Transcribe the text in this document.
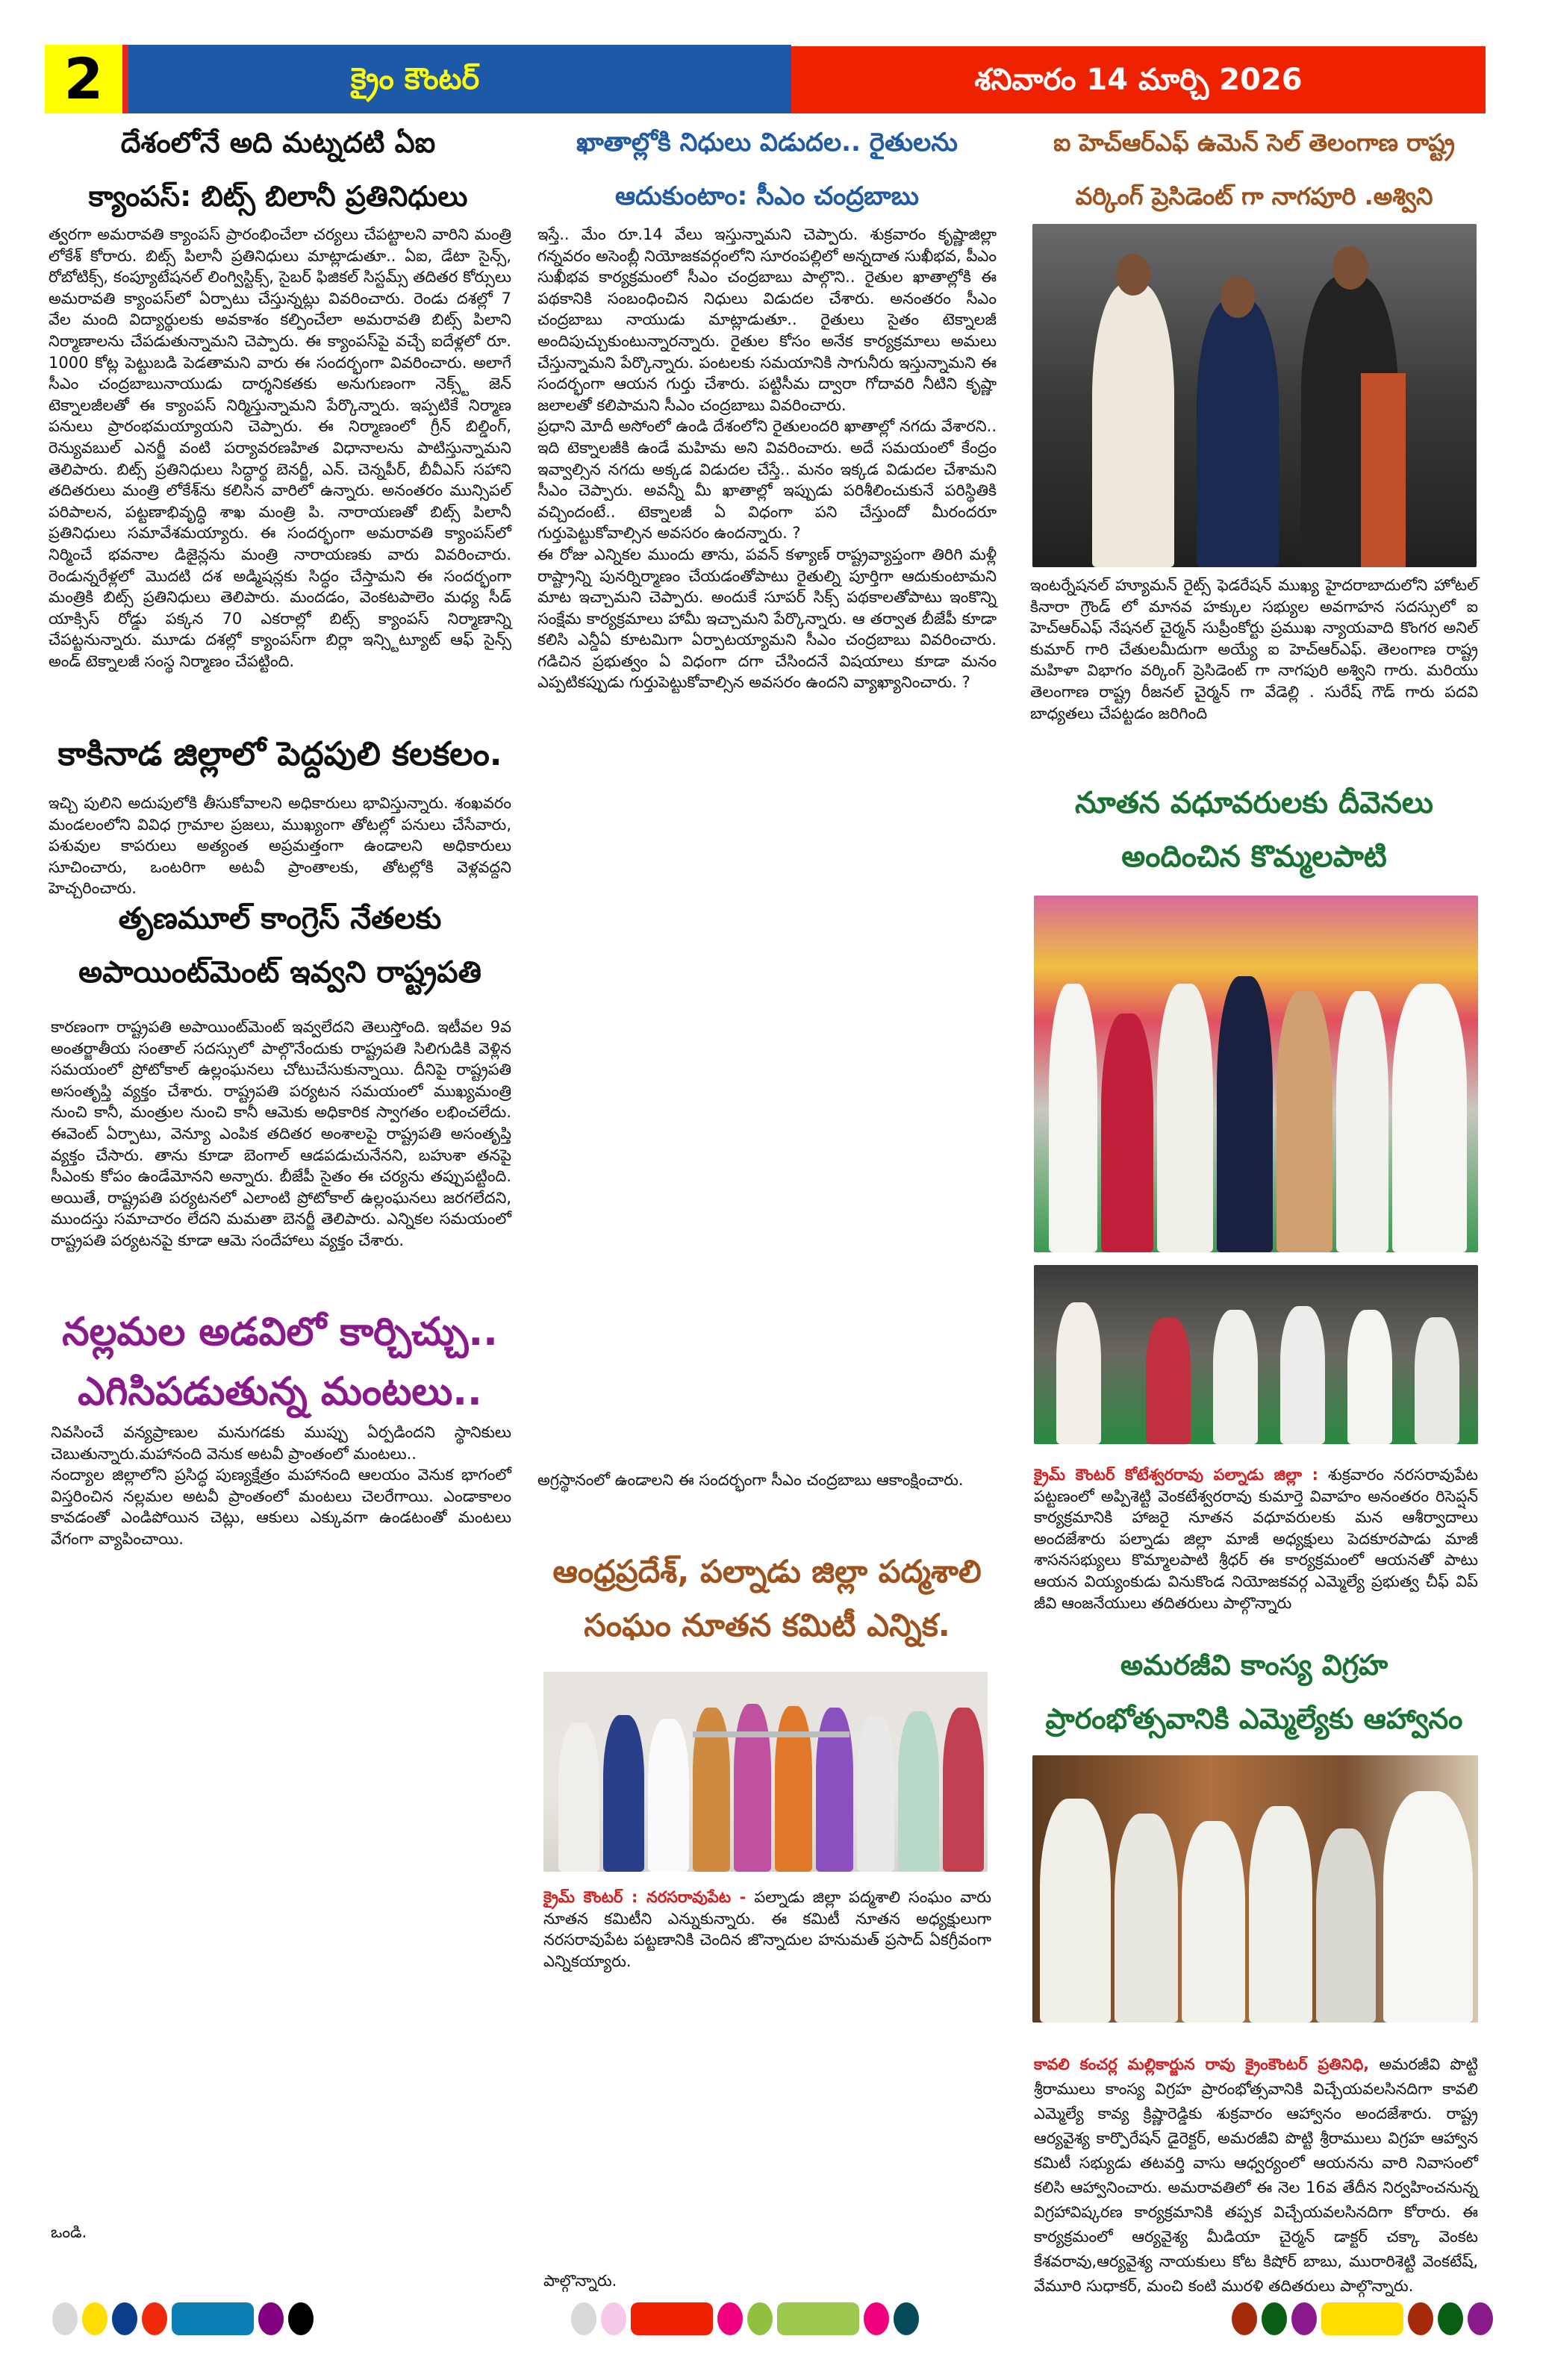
2	క్రైం కౌంటర్	శనివారం 14 మార్చి 2026
దేశంలోనే అది మట్నదటి ఏఐ
క్యాంపస్: బిట్స్ బిలానీ ప్రతినిధులు

త్వరగా అమరావతి క్యాంపస్ ప్రారంభించేలా చర్యలు చేపట్టాలని వారిని మంత్రి లోకేశ్ కోరారు. బిట్స్ పిలానీ ప్రతినిధులు మాట్లాడుతూ.. ఏఐ, డేటా సైన్స్, రోబోటిక్స్, కంప్యూటేషనల్ లింగ్విస్టిక్స్, సైబర్ ఫిజికల్ సిస్టమ్స్ తదితర కోర్సులు అమరావతి క్యాంపస్‌లో ఏర్పాటు చేస్తున్నట్లు వివరించారు. రెండు దశల్లో 7 వేల మంది విద్యార్థులకు అవకాశం కల్పించేలా అమరావతి బిట్స్ పిలాని నిర్మాణాలను చేపడుతున్నామని చెప్పారు. ఈ క్యాంపస్‌పై వచ్చే ఐదేళ్లలో రూ. 1000 కోట్ల పెట్టుబడి పెడతామని వారు ఈ సందర్భంగా వివరించారు. అలాగే సీఎం చంద్రబాబునాయుడు దార్శనికతకు అనుగుణంగా నెక్స్ట్ జెన్ టెక్నాలజీలతో ఈ క్యాంపస్ నిర్మిస్తున్నామని పేర్కొన్నారు. ఇప్పటికే నిర్మాణ పనులు ప్రారంభమయ్యాయని చెప్పారు. ఈ నిర్మాణంలో గ్రీన్ బిల్డింగ్, రెన్యువబుల్ ఎనర్జీ వంటి పర్యావరణహిత విధానాలను పాటిస్తున్నామని తెలిపారు. బిట్స్ ప్రతినిధులు సిద్ధార్థ బెనర్జీ, ఎన్. చెన్నపీర్, బీవీఎస్ సహాని తదితరులు మంత్రి లోకేశ్‌ను కలిసిన వారిలో ఉన్నారు. అనంతరం మున్సిపల్ పరిపాలన, పట్టణాభివృద్ధి శాఖ మంత్రి పి. నారాయణతో బిట్స్ పిలానీ ప్రతినిధులు సమావేశమయ్యారు. ఈ సందర్భంగా అమరావతి క్యాంపస్‌లో నిర్మించే భవనాల డిజైన్లను మంత్రి నారాయణకు వారు వివరించారు. రెండున్నరేళ్లలో మొదటి దశ అడ్మిషన్లకు సిద్ధం చేస్తామని ఈ సందర్భంగా మంత్రికి బిట్స్ ప్రతినిధులు తెలిపారు. మందడం, వెంకటపాలెం మధ్య సీడ్ యాక్సిస్ రోడ్డు పక్కన 70 ఎకరాల్లో బిట్స్ క్యాంపస్ నిర్మాణాన్ని చేపట్టనున్నారు. మూడు దశల్లో క్యాంపస్‌గా బిర్లా ఇన్స్టిట్యూట్ ఆఫ్ సైన్స్ అండ్ టెక్నాలజీ సంస్థ నిర్మాణం చేపట్టింది.

కాకినాడ జిల్లాలో పెద్దపులి కలకలం.

ఇచ్చి పులిని అదుపులోకి తీసుకోవాలని అధికారులు భావిస్తున్నారు. శంఖవరం మండలంలోని వివిధ గ్రామాల ప్రజలు, ముఖ్యంగా తోటల్లో పనులు చేసేవారు, పశువుల కాపరులు అత్యంత అప్రమత్తంగా ఉండాలని అధికారులు సూచించారు, ఒంటరిగా అటవీ ప్రాంతాలకు, తోటల్లోకి వెళ్లవద్దని హెచ్చరించారు.

తృణమూల్ కాంగ్రెస్ నేతలకు
అపాయింట్‌మెంట్ ఇవ్వని రాష్ట్రపతి

కారణంగా రాష్ట్రపతి అపాయింట్‌మెంట్ ఇవ్వలేదని తెలుస్తోంది. ఇటీవల 9వ అంతర్జాతీయ సంతాల్ సదస్సులో పాల్గొనేందుకు రాష్ట్రపతి సిలిగుడికి వెళ్లిన సమయంలో ప్రోటోకాల్ ఉల్లంఘనలు చోటుచేసుకున్నాయి. దీనిపై రాష్ట్రపతి అసంతృప్తి వ్యక్తం చేశారు. రాష్ట్రపతి పర్యటన సమయంలో ముఖ్యమంత్రి నుంచి కానీ, మంత్రుల నుంచి కానీ ఆమెకు అధికారిక స్వాగతం లభించలేదు. ఈవెంట్ ఏర్పాటు, వెన్యూ ఎంపిక తదితర అంశాలపై రాష్ట్రపతి అసంతృప్తి వ్యక్తం చేసారు. తాను కూడా బెంగాల్ ఆడపడుచునేనని, బహుశా తనపై సీఎంకు కోపం ఉండేమోనని అన్నారు. బీజేపీ సైతం ఈ చర్యను తప్పుపట్టింది. అయితే, రాష్ట్రపతి పర్యటనలో ఎలాంటి ప్రోటోకాల్ ఉల్లంఘనలు జరగలేదని, ముందస్తు సమాచారం లేదని మమతా బెనర్జీ తెలిపారు. ఎన్నికల సమయంలో రాష్ట్రపతి పర్యటనపై కూడా ఆమె సందేహాలు వ్యక్తం చేశారు.

నల్లమల అడవిలో కార్చిచ్చు..
ఎగిసిపడుతున్న మంటలు..

నివసించే వన్యప్రాణుల మనుగడకు ముప్పు ఏర్పడిందని స్థానికులు చెబుతున్నారు.మహానంది వెనుక అటవీ ప్రాంతంలో మంటలు..

నంద్యాల జిల్లాలోని ప్రసిద్ధ పుణ్యక్షేత్రం మహానంది ఆలయం వెనుక భాగంలో విస్తరించిన నల్లమల అటవీ ప్రాంతంలో మంటలు చెలరేగాయి. ఎండాకాలం కావడంతో ఎండిపోయిన చెట్లు, ఆకులు ఎక్కువగా ఉండటంతో మంటలు వేగంగా వ్యాపించాయి.

ఒండి.

ఖాతాల్లోకి నిధులు విడుదల.. రైతులను
ఆదుకుంటాం: సీఎం చంద్రబాబు

ఇస్తే.. మేం రూ.14 వేలు ఇస్తున్నామని చెప్పారు. శుక్రవారం కృష్ణాజిల్లా గన్నవరం అసెంబ్లీ నియోజకవర్గంలోని సూరంపల్లిలో అన్నదాత సుఖీభవ, పీఎం సుఖీభవ కార్యక్రమంలో సీఎం చంద్రబాబు పాల్గొని.. రైతుల ఖాతాల్లోకి ఈ పథకానికి సంబంధించిన నిధులు విడుదల చేశారు. అనంతరం సీఎం చంద్రబాబు నాయుడు మాట్లాడుతూ.. రైతులు సైతం టెక్నాలజీ అందిపుచ్చుకుంటున్నారన్నారు. రైతుల కోసం అనేక కార్యక్రమాలు అమలు చేస్తున్నామని పేర్కొన్నారు. పంటలకు సమయానికి సాగునీరు ఇస్తున్నామని ఈ సందర్భంగా ఆయన గుర్తు చేశారు. పట్టిసీమ ద్వారా గోదావరి నీటిని కృష్ణా జలాలతో కలిపామని సీఎం చంద్రబాబు వివరించారు.

ప్రధాని మోదీ అసోంలో ఉండి దేశంలోని రైతులందరి ఖాతాల్లో నగదు వేశారని.. ఇది టెక్నాలజీకి ఉండే మహిమ అని వివరించారు. అదే సమయంలో కేంద్రం ఇవ్వాల్సిన నగదు అక్కడ విడుదల చేస్తే.. మనం ఇక్కడ విడుదల చేశామని సీఎం చెప్పారు. అవన్నీ మీ ఖాతాల్లో ఇప్పుడు పరిశీలించుకునే పరిస్థితికి వచ్చిందంటే.. టెక్నాలజీ ఏ విధంగా పని చేస్తుందో మీరందరూ గుర్తుపెట్టుకోవాల్సిన అవసరం ఉందన్నారు. ?

ఈ రోజు ఎన్నికల ముందు తాను, పవన్ కళ్యాణ్ రాష్ట్రవ్యాప్తంగా తిరిగి మళ్లీ రాష్ట్రాన్ని పునర్నిర్మాణం చేయడంతోపాటు రైతుల్ని పూర్తిగా ఆదుకుంటామని మాట ఇచ్చామని చెప్పారు. అందుకే సూపర్ సిక్స్ పథకాలతోపాటు ఇంకొన్ని సంక్షేమ కార్యక్రమాలు హామీ ఇచ్చామని పేర్కొన్నారు. ఆ తర్వాత బీజేపీ కూడా కలిసి ఎన్డీఏ కూటమిగా ఏర్పాటయ్యామని సీఎం చంద్రబాబు వివరించారు. గడిచిన ప్రభుత్వం ఏ విధంగా దగా చేసిందనే విషయాలు కూడా మనం ఎప్పటికప్పుడు గుర్తుపెట్టుకోవాల్సిన అవసరం ఉందని వ్యాఖ్యానించారు. ?

అగ్రస్థానంలో ఉండాలని ఈ సందర్భంగా సీఎం చంద్రబాబు ఆకాంక్షించారు.

ఆంధ్రప్రదేశ్, పల్నాడు జిల్లా పద్మశాలి
సంఘం నూతన కమిటీ ఎన్నిక.

క్రైమ్ కౌంటర్ : నరసరావుపేట - పల్నాడు జిల్లా పద్మశాలి సంఘం వారు నూతన కమిటీని ఎన్నుకున్నారు. ఈ కమిటీ నూతన అధ్యక్షులుగా నరసరావుపేట పట్టణానికి చెందిన జొన్నాదుల హనుమత్ ప్రసాద్ ఏకగ్రీవంగా ఎన్నికయ్యారు.

పాల్గొన్నారు.

ఐ హెచ్‌ఆర్‌ఎఫ్ ఉమెన్ సెల్ తెలంగాణ రాష్ట్ర
వర్కింగ్ ప్రెసిడెంట్ గా నాగపూరి .అశ్విని

ఇంటర్నేషనల్ హ్యూమన్ రైట్స్ ఫెడరేషన్ ముఖ్య హైదరాబాదులోని హోటల్ కినారా గ్రౌండ్ లో మానవ హక్కుల సభ్యుల అవగాహన సదస్సులో ఐ హెచ్‌ఆర్‌ఎఫ్ నేషనల్ చైర్మన్ సుప్రీంకోర్టు ప్రముఖ న్యాయవాది కొంగర అనిల్ కుమార్ గారి చేతులమీదుగా అయ్యే ఐ హెచ్‌ఆర్‌ఎఫ్. తెలంగాణ రాష్ట్ర మహిళా విభాగం వర్కింగ్ ప్రెసిడెంట్ గా నాగపురి అశ్విని గారు. మరియు తెలంగాణ రాష్ట్ర రీజనల్ చైర్మన్ గా వేడెల్లి . సురేష్ గౌడ్ గారు పదవి బాధ్యతలు చేపట్టడం జరిగింది

నూతన వధూవరులకు దీవెనలు
అందించిన కొమ్మలపాటి

క్రైమ్ కౌంటర్ కోటేశ్వరరావు పల్నాడు జిల్లా : శుక్రవారం నరసరావుపేట పట్టణంలో అప్పిశెట్టి వెంకటేశ్వరరావు కుమార్తె వివాహం అనంతరం రిసెప్షన్ కార్యక్రమానికి హాజరై నూతన వధూవరులకు మన ఆశీర్వాదాలు అందజేశారు పల్నాడు జిల్లా మాజీ అధ్యక్షులు పెదకూరపాడు మాజీ శాసనసభ్యులు కొమ్మాలపాటి శ్రీధర్ ఈ కార్యక్రమంలో ఆయనతో పాటు ఆయన వియ్యంకుడు వినుకొండ నియోజకవర్గ ఎమ్మెల్యే ప్రభుత్వ చీఫ్ విప్ జీవి ఆంజనేయులు తదితరులు పాల్గొన్నారు

అమరజీవి కాంస్య విగ్రహ
ప్రారంభోత్సవానికి ఎమ్మెల్యేకు ఆహ్వానం

కావలి కంచర్ల మల్లికార్జున రావు క్రైంకౌంటర్ ప్రతినిధి, అమరజీవి పొట్టి శ్రీరాములు కాంస్య విగ్రహ ప్రారంభోత్సవానికి విచ్చేయవలసినదిగా కావలి ఎమ్మెల్యే కావ్య క్రిష్ణారెడ్డికు శుక్రవారం ఆహ్వానం అందజేశారు. రాష్ట్ర ఆర్యవైశ్య కార్పొరేషన్ డైరెక్టర్, అమరజీవి పొట్టి శ్రీరాములు విగ్రహ ఆహ్వాన కమిటీ సభ్యుడు తటవర్తి వాసు ఆధ్వర్యంలో ఆయనను వారి నివాసంలో కలిసి ఆహ్వానించారు. అమరావతిలో ఈ నెల 16వ తేదీన నిర్వహించనున్న విగ్రహావిష్కరణ కార్యక్రమానికి తప్పక విచ్చేయవలసినదిగా కోరారు. ఈ కార్యక్రమంలో ఆర్యవైశ్య మీడియా చైర్మన్ డాక్టర్ చక్కా వెంకట కేశవరావు,ఆర్యవైశ్య నాయకులు కోట కిషోర్ బాబు, మురారిశెట్టి వెంకటేష్, వేమూరి సుధాకర్, మంచి కంటి మురళి తదితరులు పాల్గొన్నారు.
